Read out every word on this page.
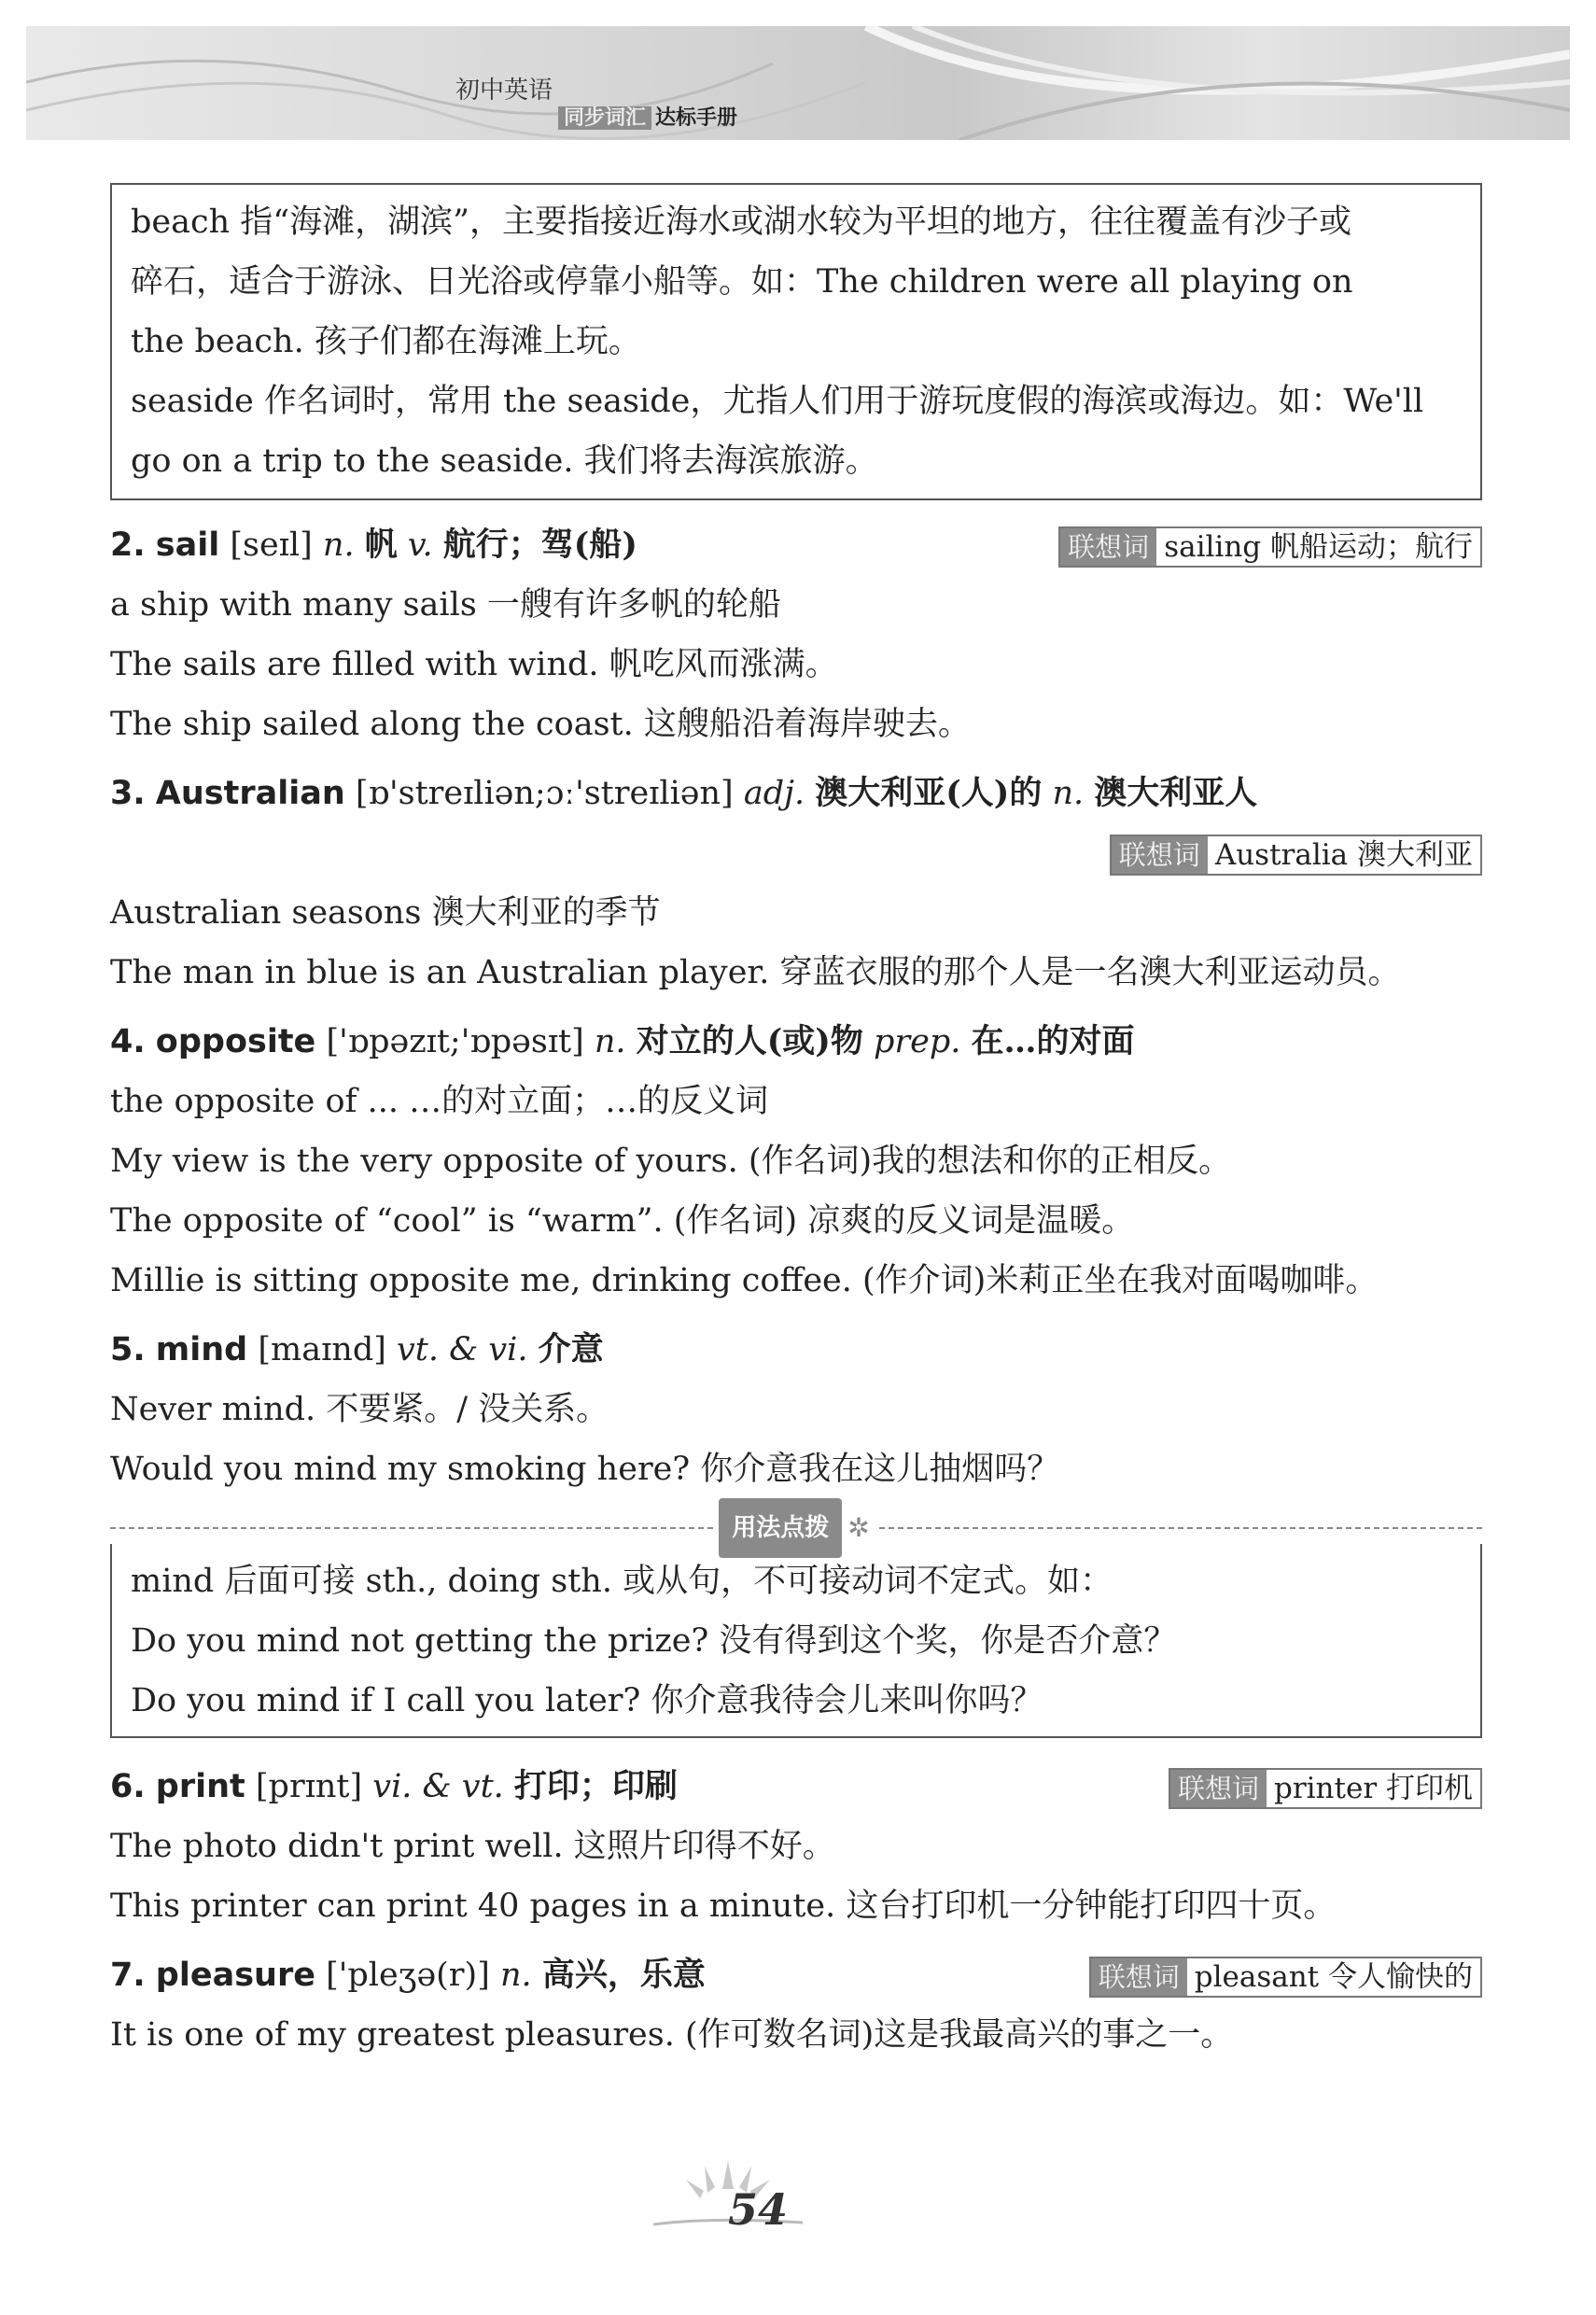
初中英语
同步词汇 达标手册

beach 指“海滩，湖滨”，主要指接近海水或湖水较为平坦的地方，往往覆盖有沙子或

碎石，适合于游泳、日光浴或停靠小船等。如：The children were all playing on

the beach. 孩子们都在海滩上玩。

seaside 作名词时，常用 the seaside，尤指人们用于游玩度假的海滨或海边。如：We'll

go on a trip to the seaside. 我们将去海滨旅游。

2. sail [seɪl] n. 帆 v. 航行；驾(船)	联想词 sailing 帆船运动；航行

a ship with many sails 一艘有许多帆的轮船

The sails are filled with wind. 帆吃风而涨满。

The ship sailed along the coast. 这艘船沿着海岸驶去。

3. Australian [ɒ'streɪliən;ɔː'streɪliən] adj. 澳大利亚(人)的 n. 澳大利亚人
联想词 Australia 澳大利亚

Australian seasons 澳大利亚的季节

The man in blue is an Australian player. 穿蓝衣服的那个人是一名澳大利亚运动员。

4. opposite ['ɒpəzɪt;'ɒpəsɪt] n. 对立的人(或)物 prep. 在…的对面

the opposite of ... …的对立面；…的反义词

My view is the very opposite of yours. (作名词)我的想法和你的正相反。

The opposite of “cool” is “warm”. (作名词) 凉爽的反义词是温暖。

Millie is sitting opposite me, drinking coffee. (作介词)米莉正坐在我对面喝咖啡。

5. mind [maɪnd] vt. & vi. 介意

Never mind. 不要紧。/ 没关系。

Would you mind my smoking here? 你介意我在这儿抽烟吗？

用法点拨 ✲

mind 后面可接 sth., doing sth. 或从句，不可接动词不定式。如：

Do you mind not getting the prize? 没有得到这个奖，你是否介意？

Do you mind if I call you later? 你介意我待会儿来叫你吗？

6. print [prɪnt] vi. & vt. 打印；印刷	联想词 printer 打印机

The photo didn't print well. 这照片印得不好。

This printer can print 40 pages in a minute. 这台打印机一分钟能打印四十页。

7. pleasure ['pleʒə(r)] n. 高兴，乐意	联想词 pleasant 令人愉快的

It is one of my greatest pleasures. (作可数名词)这是我最高兴的事之一。

54
